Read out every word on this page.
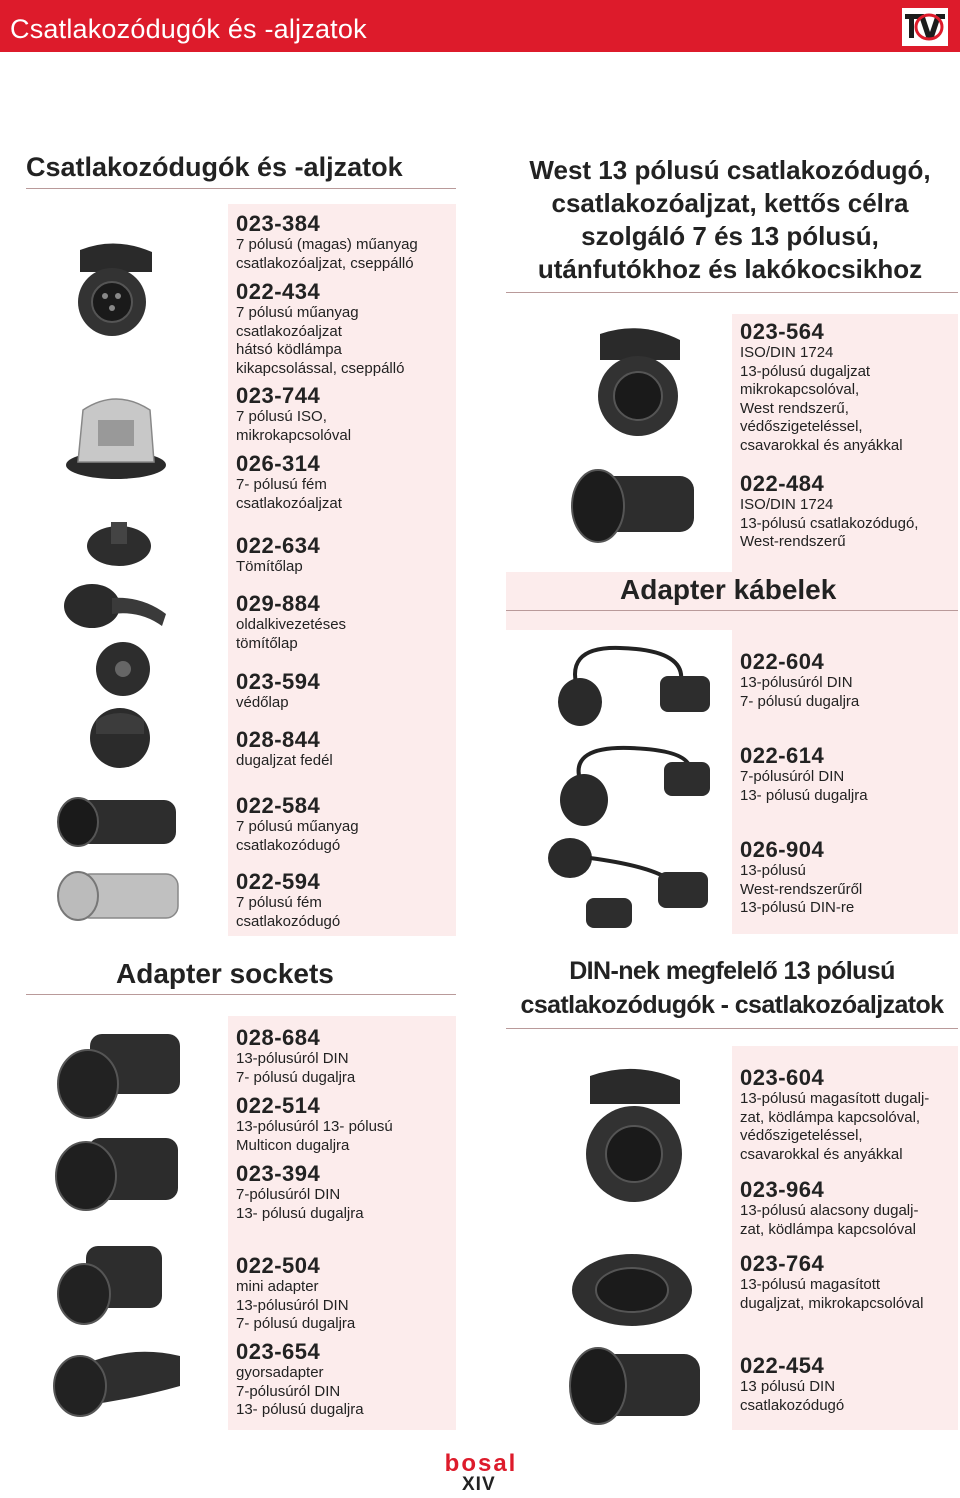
Csatlakozódugók és -aljzatok
Csatlakozódugók és -aljzatok
023-384
7 pólusú (magas) műanyag
csatlakozóaljzat, cseppálló
022-434
7 pólusú műanyag
csatlakozóaljzat
hátsó ködlámpa
kikapcsolással, cseppálló
023-744
7 pólusú ISO,
mikrokapcsolóval
026-314
7- pólusú fém
csatlakozóaljzat
022-634
Tömítőlap
029-884
oldalkivezetéses
tömítőlap
023-594
védőlap
028-844
dugaljzat fedél
022-584
7 pólusú műanyag
csatlakozódugó
022-594
7 pólusú fém
csatlakozódugó
Adapter sockets
028-684
13-pólusúról DIN
7- pólusú dugaljra
022-514
13-pólusúról 13- pólusú
Multicon dugaljra
023-394
7-pólusúról DIN
13- pólusú dugaljra
022-504
mini adapter
13-pólusúról DIN
7- pólusú dugaljra
023-654
gyorsadapter
7-pólusúról DIN
13- pólusú dugaljra
West 13 pólusú csatlakozódugó,
csatlakozóaljzat, kettős célra
szolgáló 7 és 13 pólusú,
utánfutókhoz és lakókocsikhoz
023-564
ISO/DIN 1724
13-pólusú dugaljzat
mikrokapcsolóval,
West rendszerű,
védőszigeteléssel,
csavarokkal és anyákkal
022-484
ISO/DIN 1724
13-pólusú csatlakozódugó,
West-rendszerű
Adapter kábelek
022-604
13-pólusúról DIN
7- pólusú dugaljra
022-614
7-pólusúról DIN
13- pólusú dugaljra
026-904
13-pólusú
West-rendszerűről
13-pólusú DIN-re
DIN-nek megfelelő 13 pólusú
csatlakozódugók - csatlakozóaljzatok
023-604
13-pólusú magasított dugalj-
zat, ködlámpa kapcsolóval,
védőszigeteléssel,
csavarokkal és anyákkal
023-964
13-pólusú alacsony dugalj-
zat, ködlámpa kapcsolóval
023-764
13-pólusú magasított
dugaljzat, mikrokapcsolóval
022-454
13 pólusú DIN
csatlakozódugó
bosal
XIV
